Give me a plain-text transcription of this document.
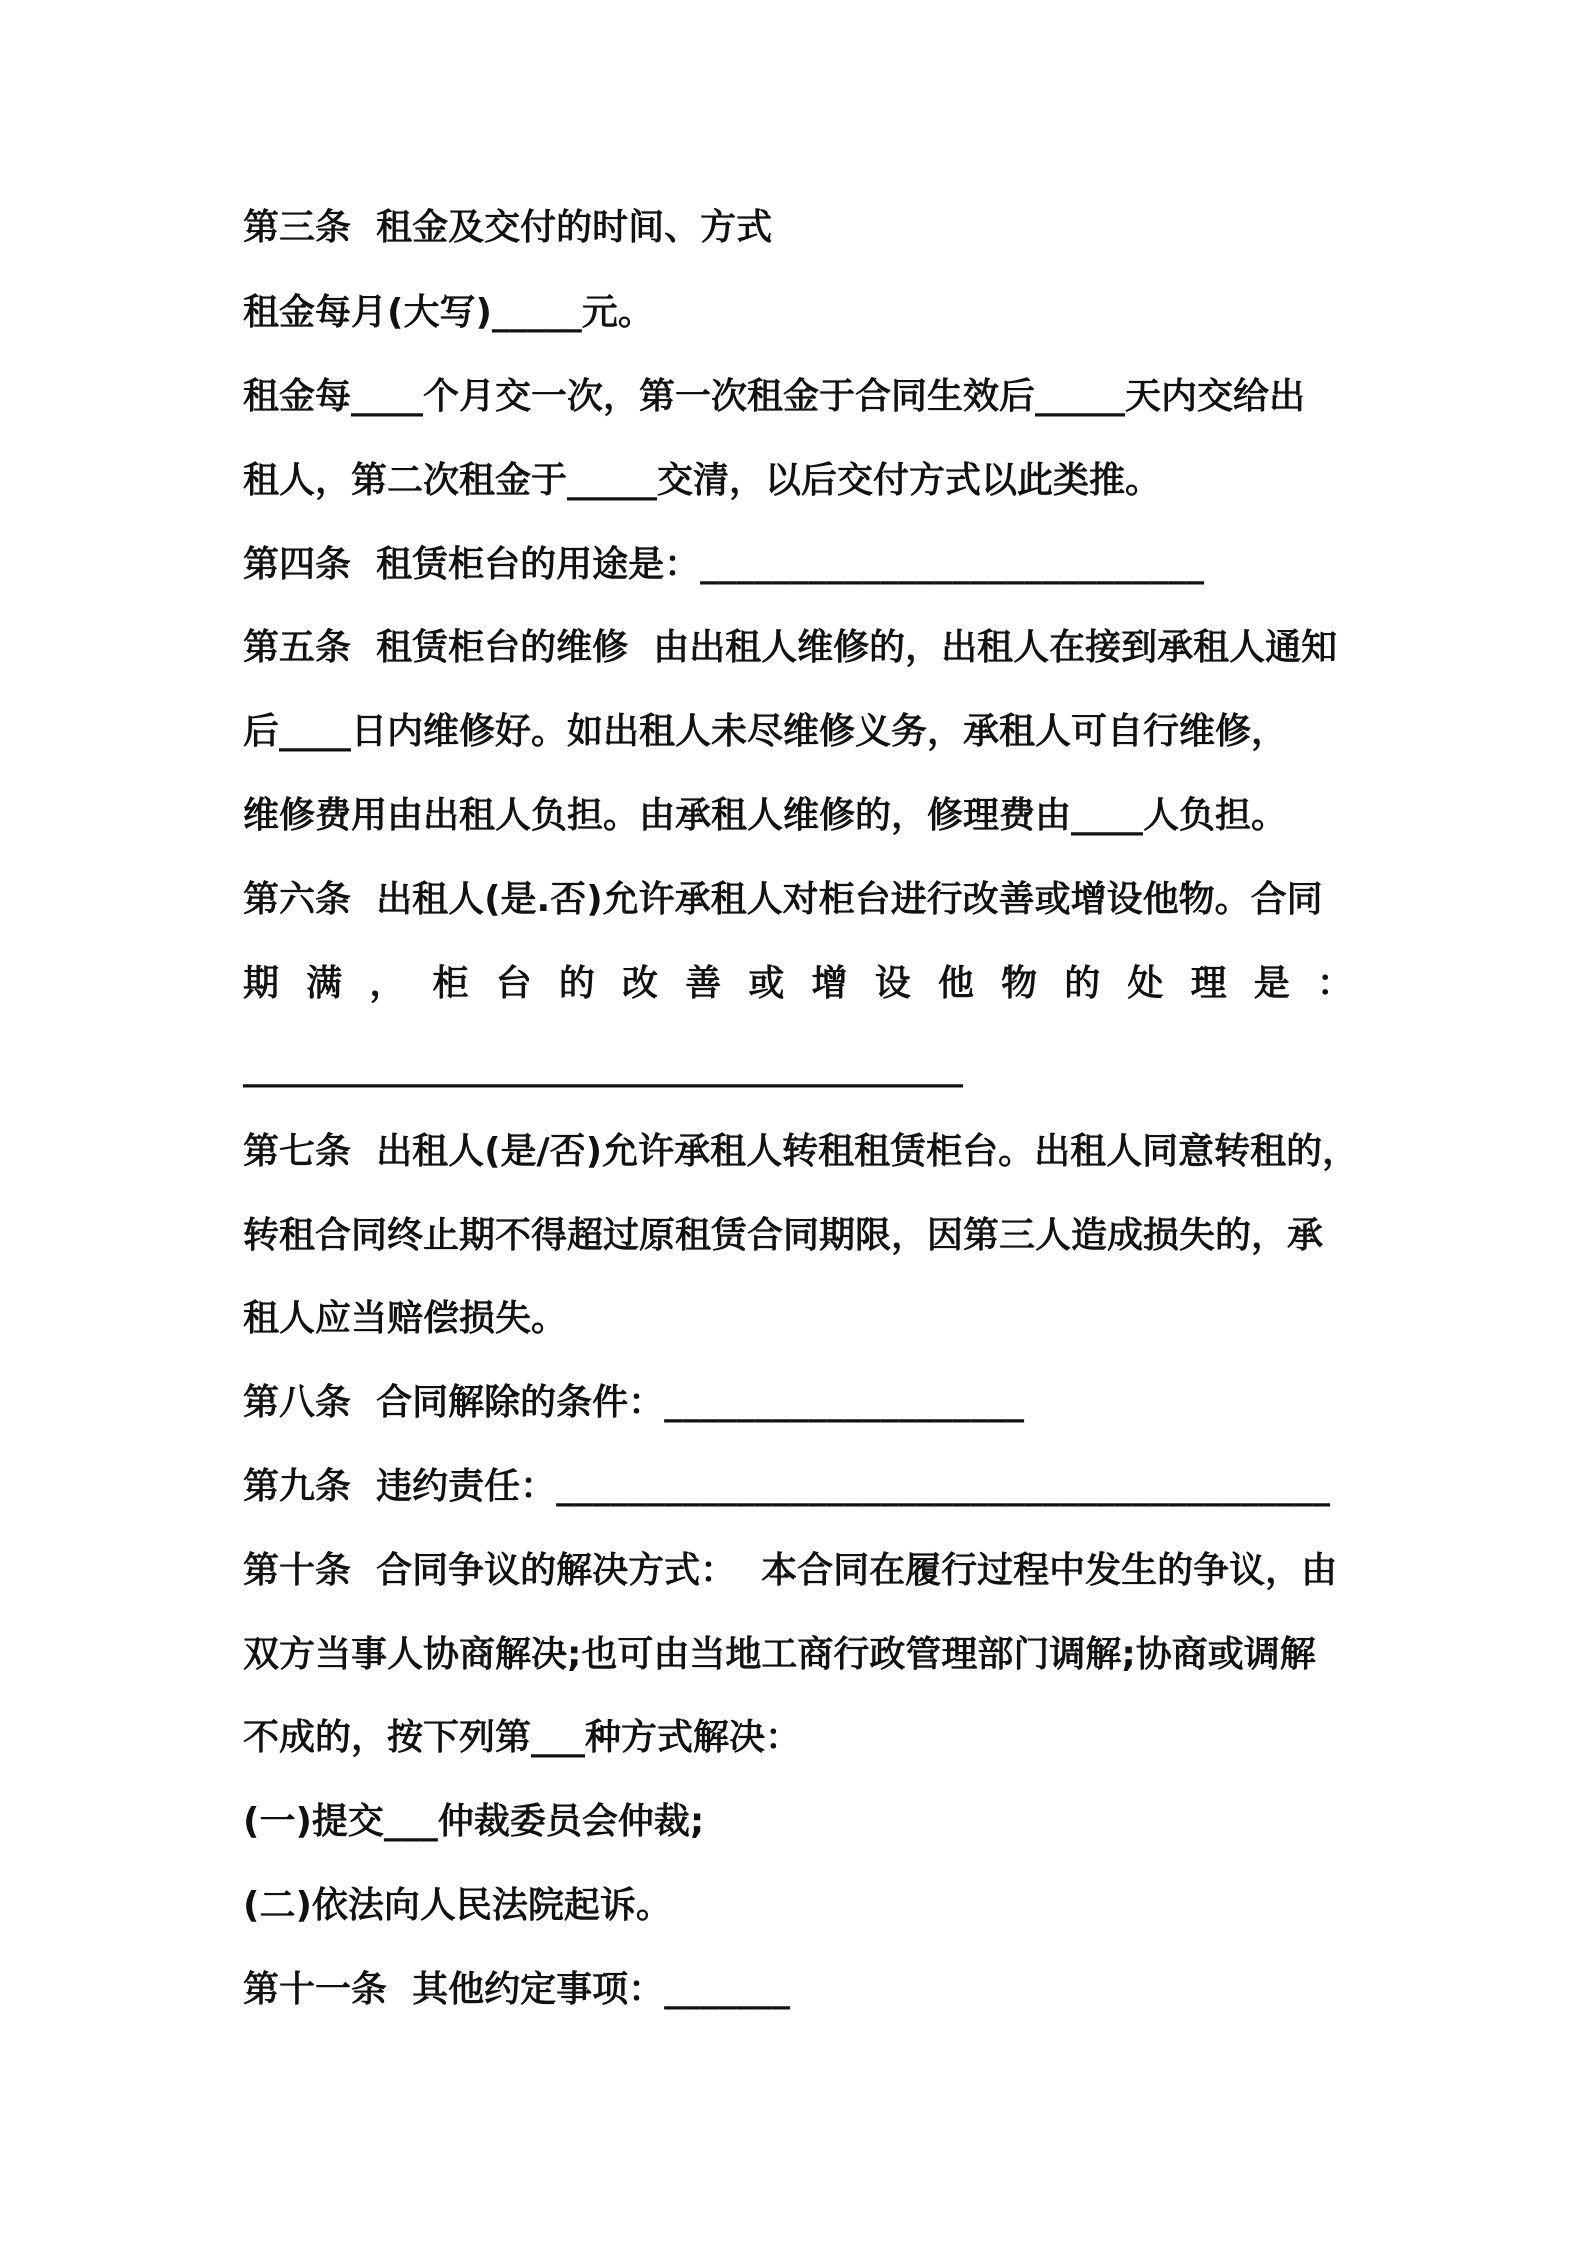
第三条  租金及交付的时间、方式
租金每月(大写)_____元。
租金每____个月交一次，第一次租金于合同生效后_____天内交给出
租人，第二次租金于_____交清，以后交付方式以此类推。
第四条  租赁柜台的用途是：____________________________
第五条  租赁柜台的维修  由出租人维修的，出租人在接到承租人通知
后____日内维修好。如出租人未尽维修义务，承租人可自行维修，
维修费用由出租人负担。由承租人维修的，修理费由____人负担。
第六条  出租人(是.否)允许承租人对柜台进行改善或增设他物。合同
期 满 ， 柜 台 的 改 善 或 增 设 他 物 的 处 理 是 ：
________________________________________
第七条  出租人(是/否)允许承租人转租租赁柜台。出租人同意转租的，
转租合同终止期不得超过原租赁合同期限，因第三人造成损失的，承
租人应当赔偿损失。
第八条  合同解除的条件：____________________
第九条  违约责任：___________________________________________
第十条  合同争议的解决方式：  本合同在履行过程中发生的争议，由
双方当事人协商解决;也可由当地工商行政管理部门调解;协商或调解
不成的，按下列第___种方式解决：
(一)提交___仲裁委员会仲裁;
(二)依法向人民法院起诉。
第十一条  其他约定事项：_______
